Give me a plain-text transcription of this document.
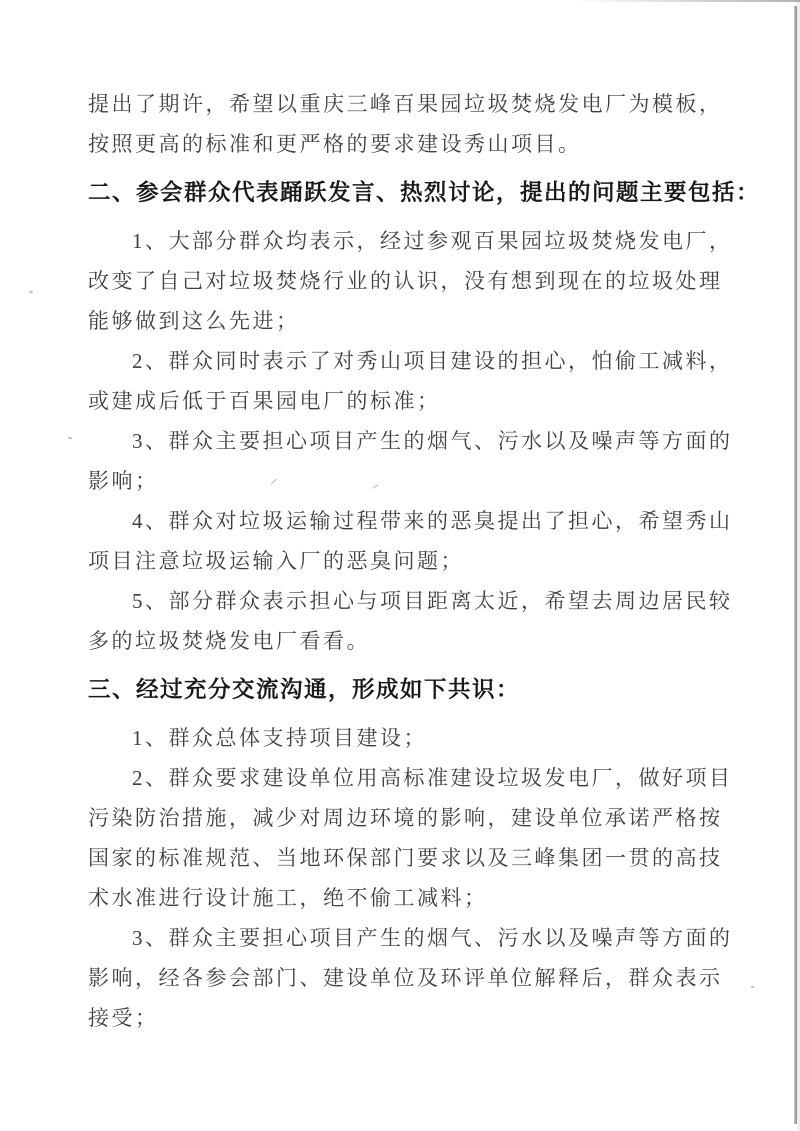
提出了期许，希望以重庆三峰百果园垃圾焚烧发电厂为模板，
按照更高的标准和更严格的要求建设秀山项目。
二、参会群众代表踊跃发言、热烈讨论，提出的问题主要包括：
1、大部分群众均表示，经过参观百果园垃圾焚烧发电厂，
改变了自己对垃圾焚烧行业的认识，没有想到现在的垃圾处理
能够做到这么先进；
2、群众同时表示了对秀山项目建设的担心，怕偷工减料，
或建成后低于百果园电厂的标准；
3、群众主要担心项目产生的烟气、污水以及噪声等方面的
影响；
4、群众对垃圾运输过程带来的恶臭提出了担心，希望秀山
项目注意垃圾运输入厂的恶臭问题；
5、部分群众表示担心与项目距离太近，希望去周边居民较
多的垃圾焚烧发电厂看看。
三、经过充分交流沟通，形成如下共识：
1、群众总体支持项目建设；
2、群众要求建设单位用高标准建设垃圾发电厂，做好项目
污染防治措施，减少对周边环境的影响，建设单位承诺严格按
国家的标准规范、当地环保部门要求以及三峰集团一贯的高技
术水准进行设计施工，绝不偷工减料；
3、群众主要担心项目产生的烟气、污水以及噪声等方面的
影响，经各参会部门、建设单位及环评单位解释后，群众表示
接受；
